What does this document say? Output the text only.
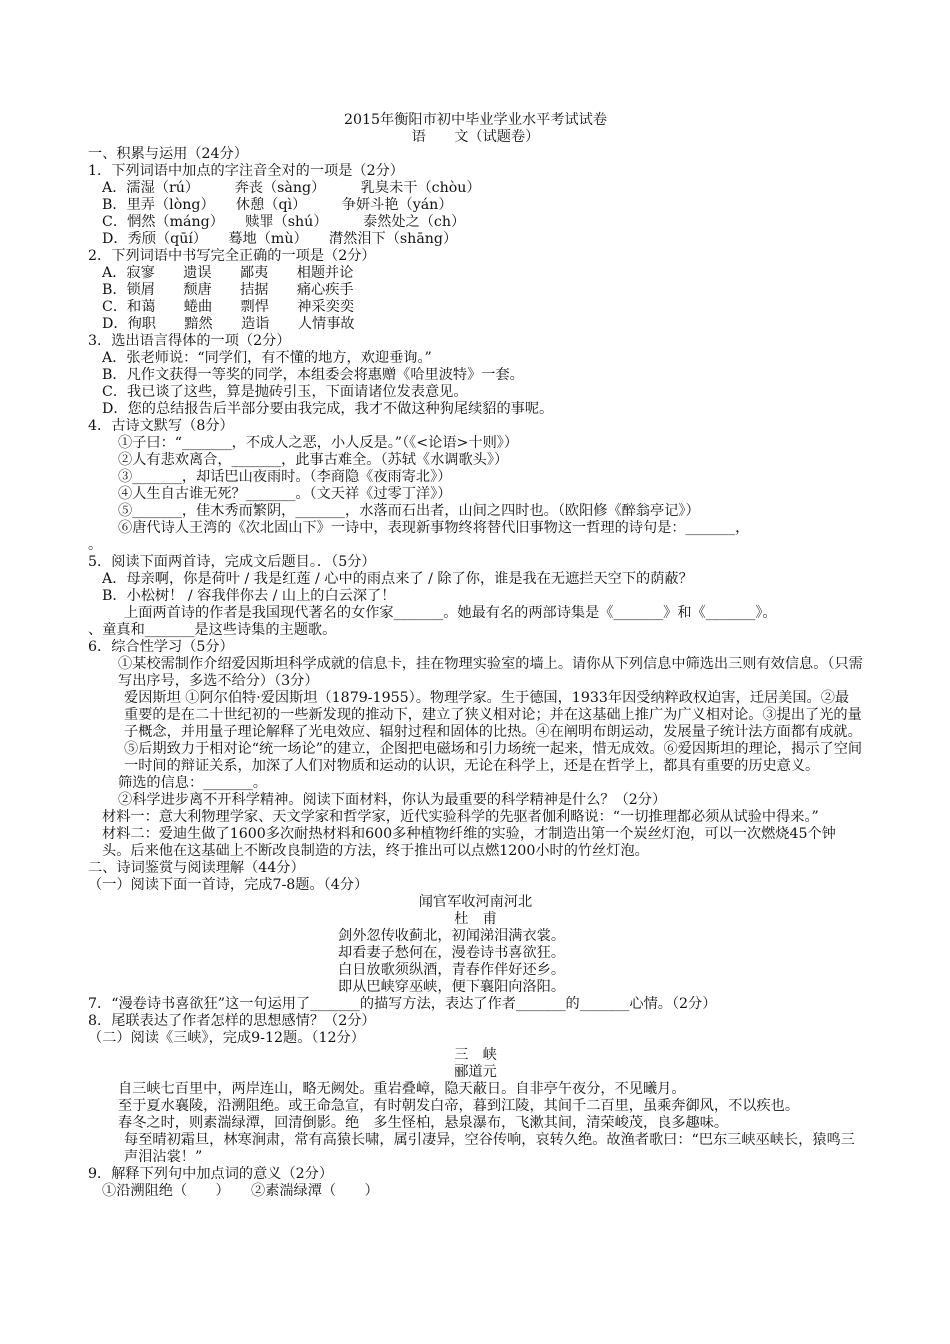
2015年衡阳市初中毕业学业水平考试试卷
语　　文（试题卷）
一、积累与运用（24分）
1．下列词语中加点的字注音全对的一项是（2分）
A．濡湿（rú）　　　奔丧（sàng）　　　乳臭未干（chòu）
B．里弄（lòng）　　休憩（qì）　　　争妍斗艳（yán）
C．惘然（máng）　　赎罪（shú）　　　泰然处之（ch）
D．秀颀（qūí）　　蓦地（mù）　　潸然泪下（shāng）
2．下列词语中书写完全正确的一项是（2分）
A．寂寥　　遗误　　鄙夷　　相题并论
B．锁屑　　颓唐　　拮据　　痛心疾手
C．和蔼　　蜷曲　　剽悍　　神采奕奕
D．徇职　　黯然　　造诣　　人情事故
3．选出语言得体的一项（2分）
A．张老师说：“同学们，有不懂的地方，欢迎垂询。”
B．凡作文获得一等奖的同学，本组委会将惠赠《哈里波特》一套。
C．我已谈了这些，算是抛砖引玉，下面请诸位发表意见。
D．您的总结报告后半部分要由我完成，我才不做这种狗尾续貂的事呢。
4．古诗文默写（8分）
①子曰：“_______，不成人之恶，小人反是。”（《<论语>十则》）
②人有悲欢离合，_______，此事古难全。（苏轼《水调歌头》）
③_______，却话巴山夜雨时。（李商隐《夜雨寄北》）
④人生自古谁无死？_______。（文天祥《过零丁洋》）
⑤_______，佳木秀而繁阴，_______，水落而石出者，山间之四时也。（欧阳修《醉翁亭记》）
⑥唐代诗人王湾的《次北固山下》一诗中，表现新事物终将替代旧事物这一哲理的诗句是：_______，
。
5．阅读下面两首诗，完成文后题目。．（5分）
A．母亲啊，你是荷叶 / 我是红莲 / 心中的雨点来了 / 除了你，谁是我在无遮拦天空下的荫蔽？
B．小松树！ / 容我伴你去 / 山上的白云深了！
上面两首诗的作者是我国现代著名的女作家_______。她最有名的两部诗集是《_______》和《_______》。
、童真和_______是这些诗集的主题歌。
6．综合性学习（5分）
①某校需制作介绍爱因斯坦科学成就的信息卡，挂在物理实验室的墙上。请你从下列信息中筛选出三则有效信息。（只需写出序号，多选不给分）（3分）
爱因斯坦 ①阿尔伯特·爱因斯坦（1879-1955）。物理学家。生于德国，1933年因受纳粹政权迫害，迁居美国。②最重要的是在二十世纪初的一些新发现的推动下，建立了狭义相对论；并在这基础上推广为广义相对论。③提出了光的量子概念，并用量子理论解释了光电效应、辐射过程和固体的比热。④在阐明布朗运动，发展量子统计法方面都有成就。⑤后期致力于相对论“统一场论”的建立，企图把电磁场和引力场统一起来，惜无成效。⑥爱因斯坦的理论，揭示了空间一时间的辩证关系，加深了人们对物质和运动的认识，无论在科学上，还是在哲学上，都具有重要的历史意义。
筛选的信息：_______。
②科学进步离不开科学精神。阅读下面材料，你认为最重要的科学精神是什么？（2分）
材料一：意大利物理学家、天文学家和哲学家，近代实验科学的先驱者伽利略说：“一切推理都必须从试验中得来。”
材料二：爱迪生做了1600多次耐热材料和600多种植物纤维的实验，才制造出第一个炭丝灯泡，可以一次燃烧45个钟头。后来他在这基础上不断改良制造的方法，终于推出可以点燃1200小时的竹丝灯泡。
二、诗词鉴赏与阅读理解（44分）
（一）阅读下面一首诗，完成7-8题。（4分）
闻官军收河南河北
杜　甫
剑外忽传收蓟北，初闻涕泪满衣裳。
却看妻子愁何在，漫卷诗书喜欲狂。
白日放歌须纵酒，青春作伴好还乡。
即从巴峡穿巫峡，便下襄阳向洛阳。
7．“漫卷诗书喜欲狂”这一句运用了_______的描写方法，表达了作者_______的_______心情。（2分）
8．尾联表达了作者怎样的思想感情？（2分）
（二）阅读《三峡》，完成9-12题。（12分）
三　峡
郦道元
自三峡七百里中，两岸连山，略无阙处。重岩叠嶂，隐天蔽日。自非亭午夜分，不见曦月。
至于夏水襄陵，沿溯阻绝。或王命急宣，有时朝发白帝，暮到江陵，其间千二百里，虽乘奔御风，不以疾也。
春冬之时，则素湍绿潭，回清倒影。绝　多生怪柏，悬泉瀑布，飞漱其间，清荣峻茂，良多趣味。
每至晴初霜旦，林寒涧肃，常有高猿长啸，属引凄异，空谷传响，哀转久绝。故渔者歌曰：“巴东三峡巫峡长，猿鸣三声泪沾裳！”
9．解释下列句中加点词的意义（2分）
①沿溯阻绝（　　）　　②素湍绿潭（　　）
